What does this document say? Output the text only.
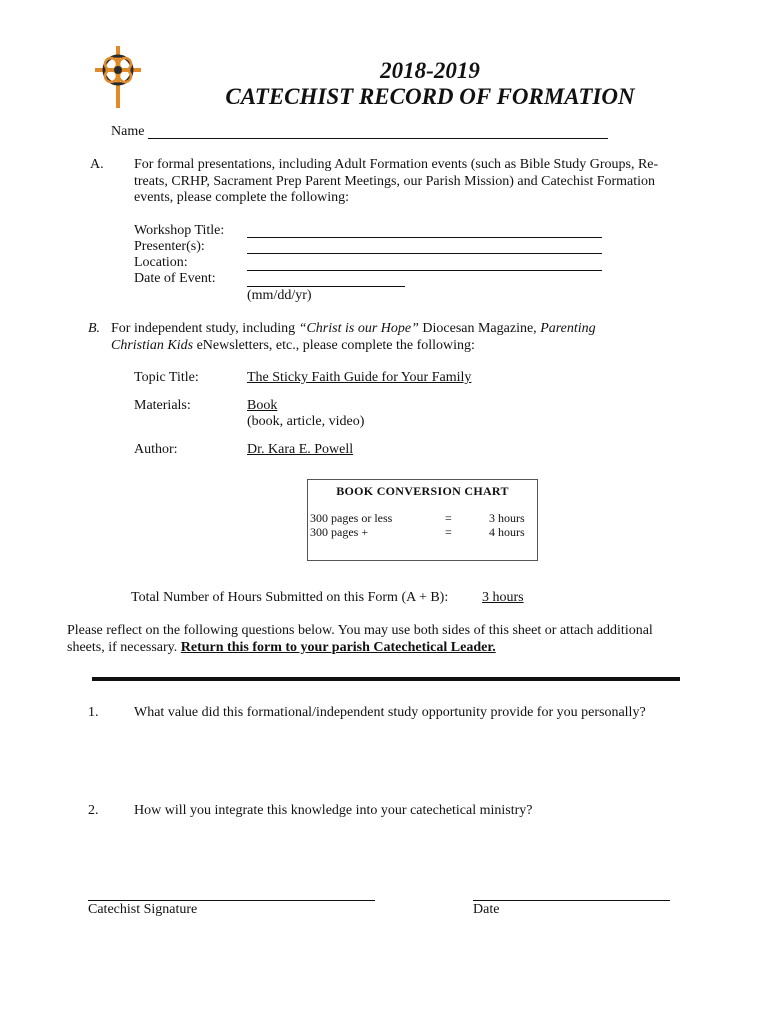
2018-2019
CATECHIST RECORD OF FORMATION
Name
A. For formal presentations, including Adult Formation events (such as Bible Study Groups, Re-
treats, CRHP, Sacrament Prep Parent Meetings, our Parish Mission) and Catechist Formation
events, please complete the following:
Workshop Title:
Presenter(s):
Location:
Date of Event:
(mm/dd/yr)
B. For independent study, including “Christ is our Hope” Diocesan Magazine, Parenting
Christian Kids eNewsletters, etc., please complete the following:
Topic Title:	The Sticky Faith Guide for Your Family
Materials:	Book
(book, article, video)
Author:	Dr. Kara E. Powell
BOOK CONVERSION CHART
300 pages or less	=	3 hours
300 pages +	=	4 hours
Total Number of Hours Submitted on this Form (A + B): 3 hours
Please reflect on the following questions below. You may use both sides of this sheet or attach additional
sheets, if necessary. Return this form to your parish Catechetical Leader.
1.	What value did this formational/independent study opportunity provide for you personally?
2.	How will you integrate this knowledge into your catechetical ministry?
Catechist Signature	Date
